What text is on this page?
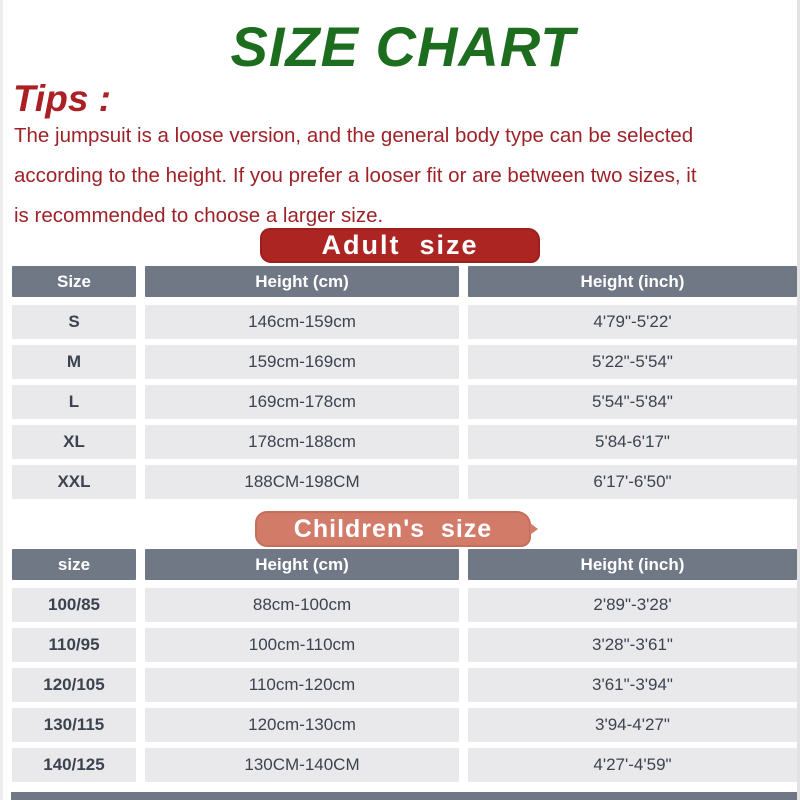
SIZE CHART
Tips :
The jumpsuit is a loose version, and the general body type can be selected
according to the height. If you prefer a looser fit or are between two sizes, it
is recommended to choose a larger size.
Adult  size
Size	Height (cm)	Height (inch)
S	146cm-159cm	4'79"-5'22'
M	159cm-169cm	5'22"-5'54"
L	169cm-178cm	5'54"-5'84"
XL	178cm-188cm	5'84-6'17"
XXL	188CM-198CM	6'17'-6'50"
Children's  size
size	Height (cm)	Height (inch)
100/85	88cm-100cm	2'89"-3'28'
110/95	100cm-110cm	3'28"-3'61"
120/105	110cm-120cm	3'61"-3'94"
130/115	120cm-130cm	3'94-4'27"
140/125	130CM-140CM	4'27'-4'59"
